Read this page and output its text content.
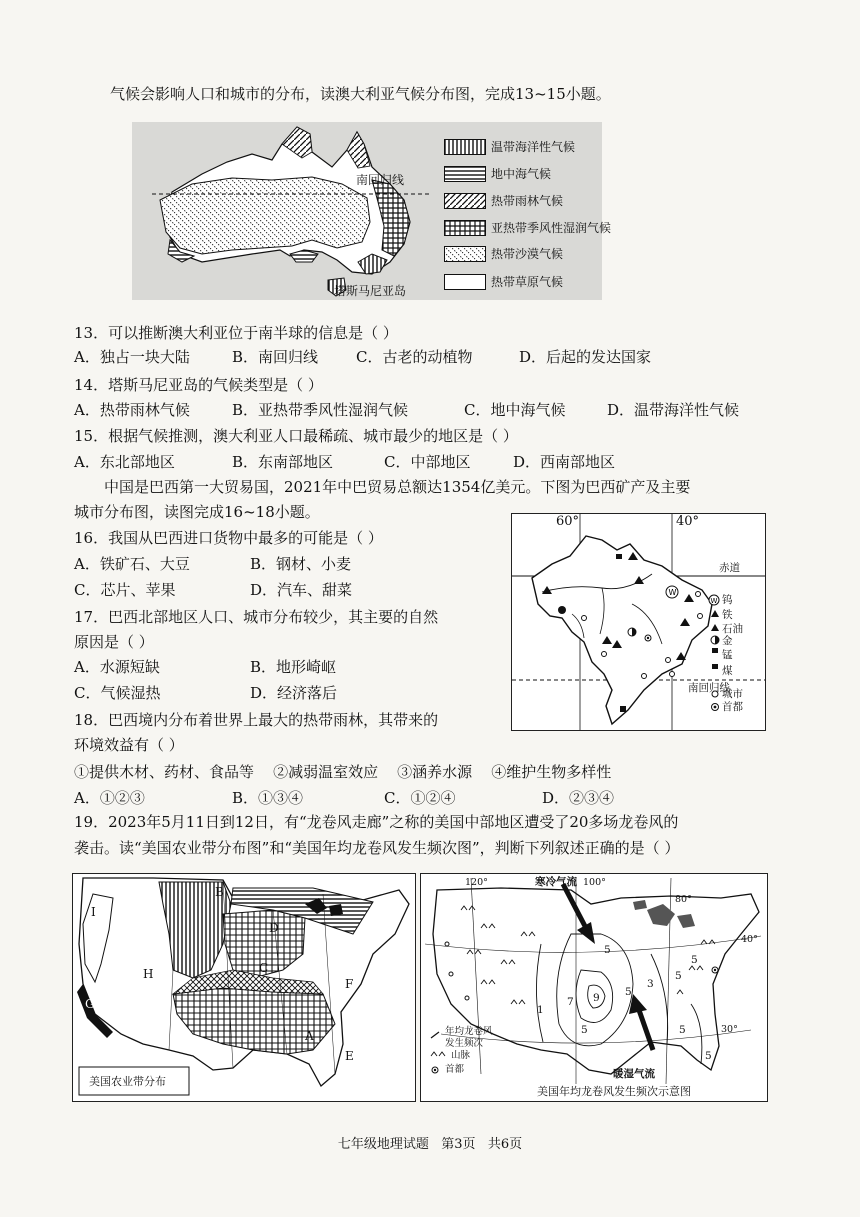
气候会影响人口和城市的分布，读澳大利亚气候分布图，完成13~15小题。
南回归线
塔斯马尼亚岛
温带海洋性气候
地中海气候
热带雨林气候
亚热带季风性湿润气候
热带沙漠气候
热带草原气候
13．可以推断澳大利亚位于南半球的信息是（ ）
A．独占一块大陆	B．南回归线	C．古老的动植物	D．后起的发达国家
14．塔斯马尼亚岛的气候类型是（ ）
A．热带雨林气候	B．亚热带季风性湿润气候	C．地中海气候	D．温带海洋性气候
15．根据气候推测，澳大利亚人口最稀疏、城市最少的地区是（ ）
A．东北部地区	B．东南部地区	C．中部地区	D．西南部地区
中国是巴西第一大贸易国，2021年中巴贸易总额达1354亿美元。下图为巴西矿产及主要
城市分布图，读图完成16~18小题。
16．我国从巴西进口货物中最多的可能是（ ）
A．铁矿石、大豆	B．钢材、小麦
C．芯片、苹果	D．汽车、甜菜
17．巴西北部地区人口、城市分布较少，其主要的自然
原因是（ ）
A．水源短缺	B．地形崎岖
C．气候湿热	D．经济落后
18．巴西境内分布着世界上最大的热带雨林，其带来的
环境效益有（ ）
①提供木材、药材、食品等    ②减弱温室效应    ③涵养水源    ④维护生物多样性
A．①②③	B．①③④	C．①②④	D．②③④
W
W
60°	40°
赤道
南回归线
钨
铁
石油
金
锰
煤
城市
首都
19．2023年5月11日到12日，有“龙卷风走廊”之称的美国中部地区遭受了20多场龙卷风的
袭击。读“美国农业带分布图”和“美国年均龙卷风发生频次图”，判断下列叙述正确的是（ ）
I
B
D
G
H	C
F
A
E
美国农业带分布
120°	100°
80°
40°
30°
寒冷气流
暖湿气流
5
7 9 5
3
5
5
5	5
1
5
年均龙卷风
发生频次
山脉
首都
美国年均龙卷风发生频次示意图
七年级地理试题   第3页   共6页
